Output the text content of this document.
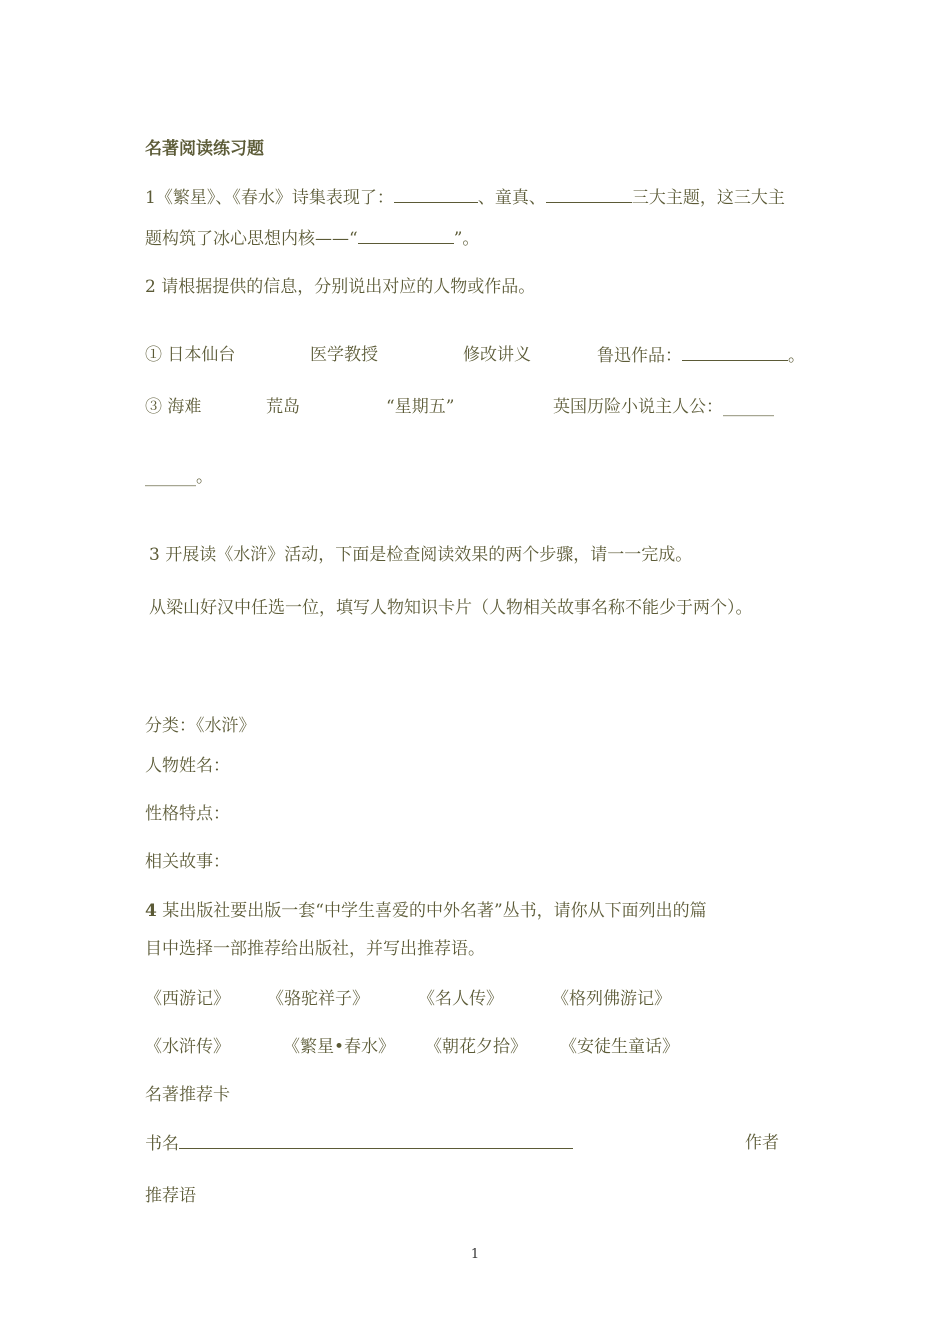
名著阅读练习题
1《繁星》、《春水》诗集表现了：	、童真、	三大主题，这三大主
题构筑了冰心思想内核——“	”。
2 请根据提供的信息，分别说出对应的人物或作品。
① 日本仙台	医学教授	修改讲义	鲁迅作品：	。
③ 海难	荒岛	“星期五”	英国历险小说主人公：______
______。
3 开展读《水浒》活动，下面是检查阅读效果的两个步骤，请一一完成。
从梁山好汉中任选一位，填写人物知识卡片（人物相关故事名称不能少于两个）。
分类：《水浒》
人物姓名：
性格特点：
相关故事：
4 某出版社要出版一套“中学生喜爱的中外名著”丛书，请你从下面列出的篇
目中选择一部推荐给出版社，并写出推荐语。
《西游记》 《骆驼祥子》	《名人传》	《格列佛游记》
《水浒传》	《繁星•春水》 《朝花夕拾》 《安徒生童话》
名著推荐卡
书名	作者
推荐语
1
